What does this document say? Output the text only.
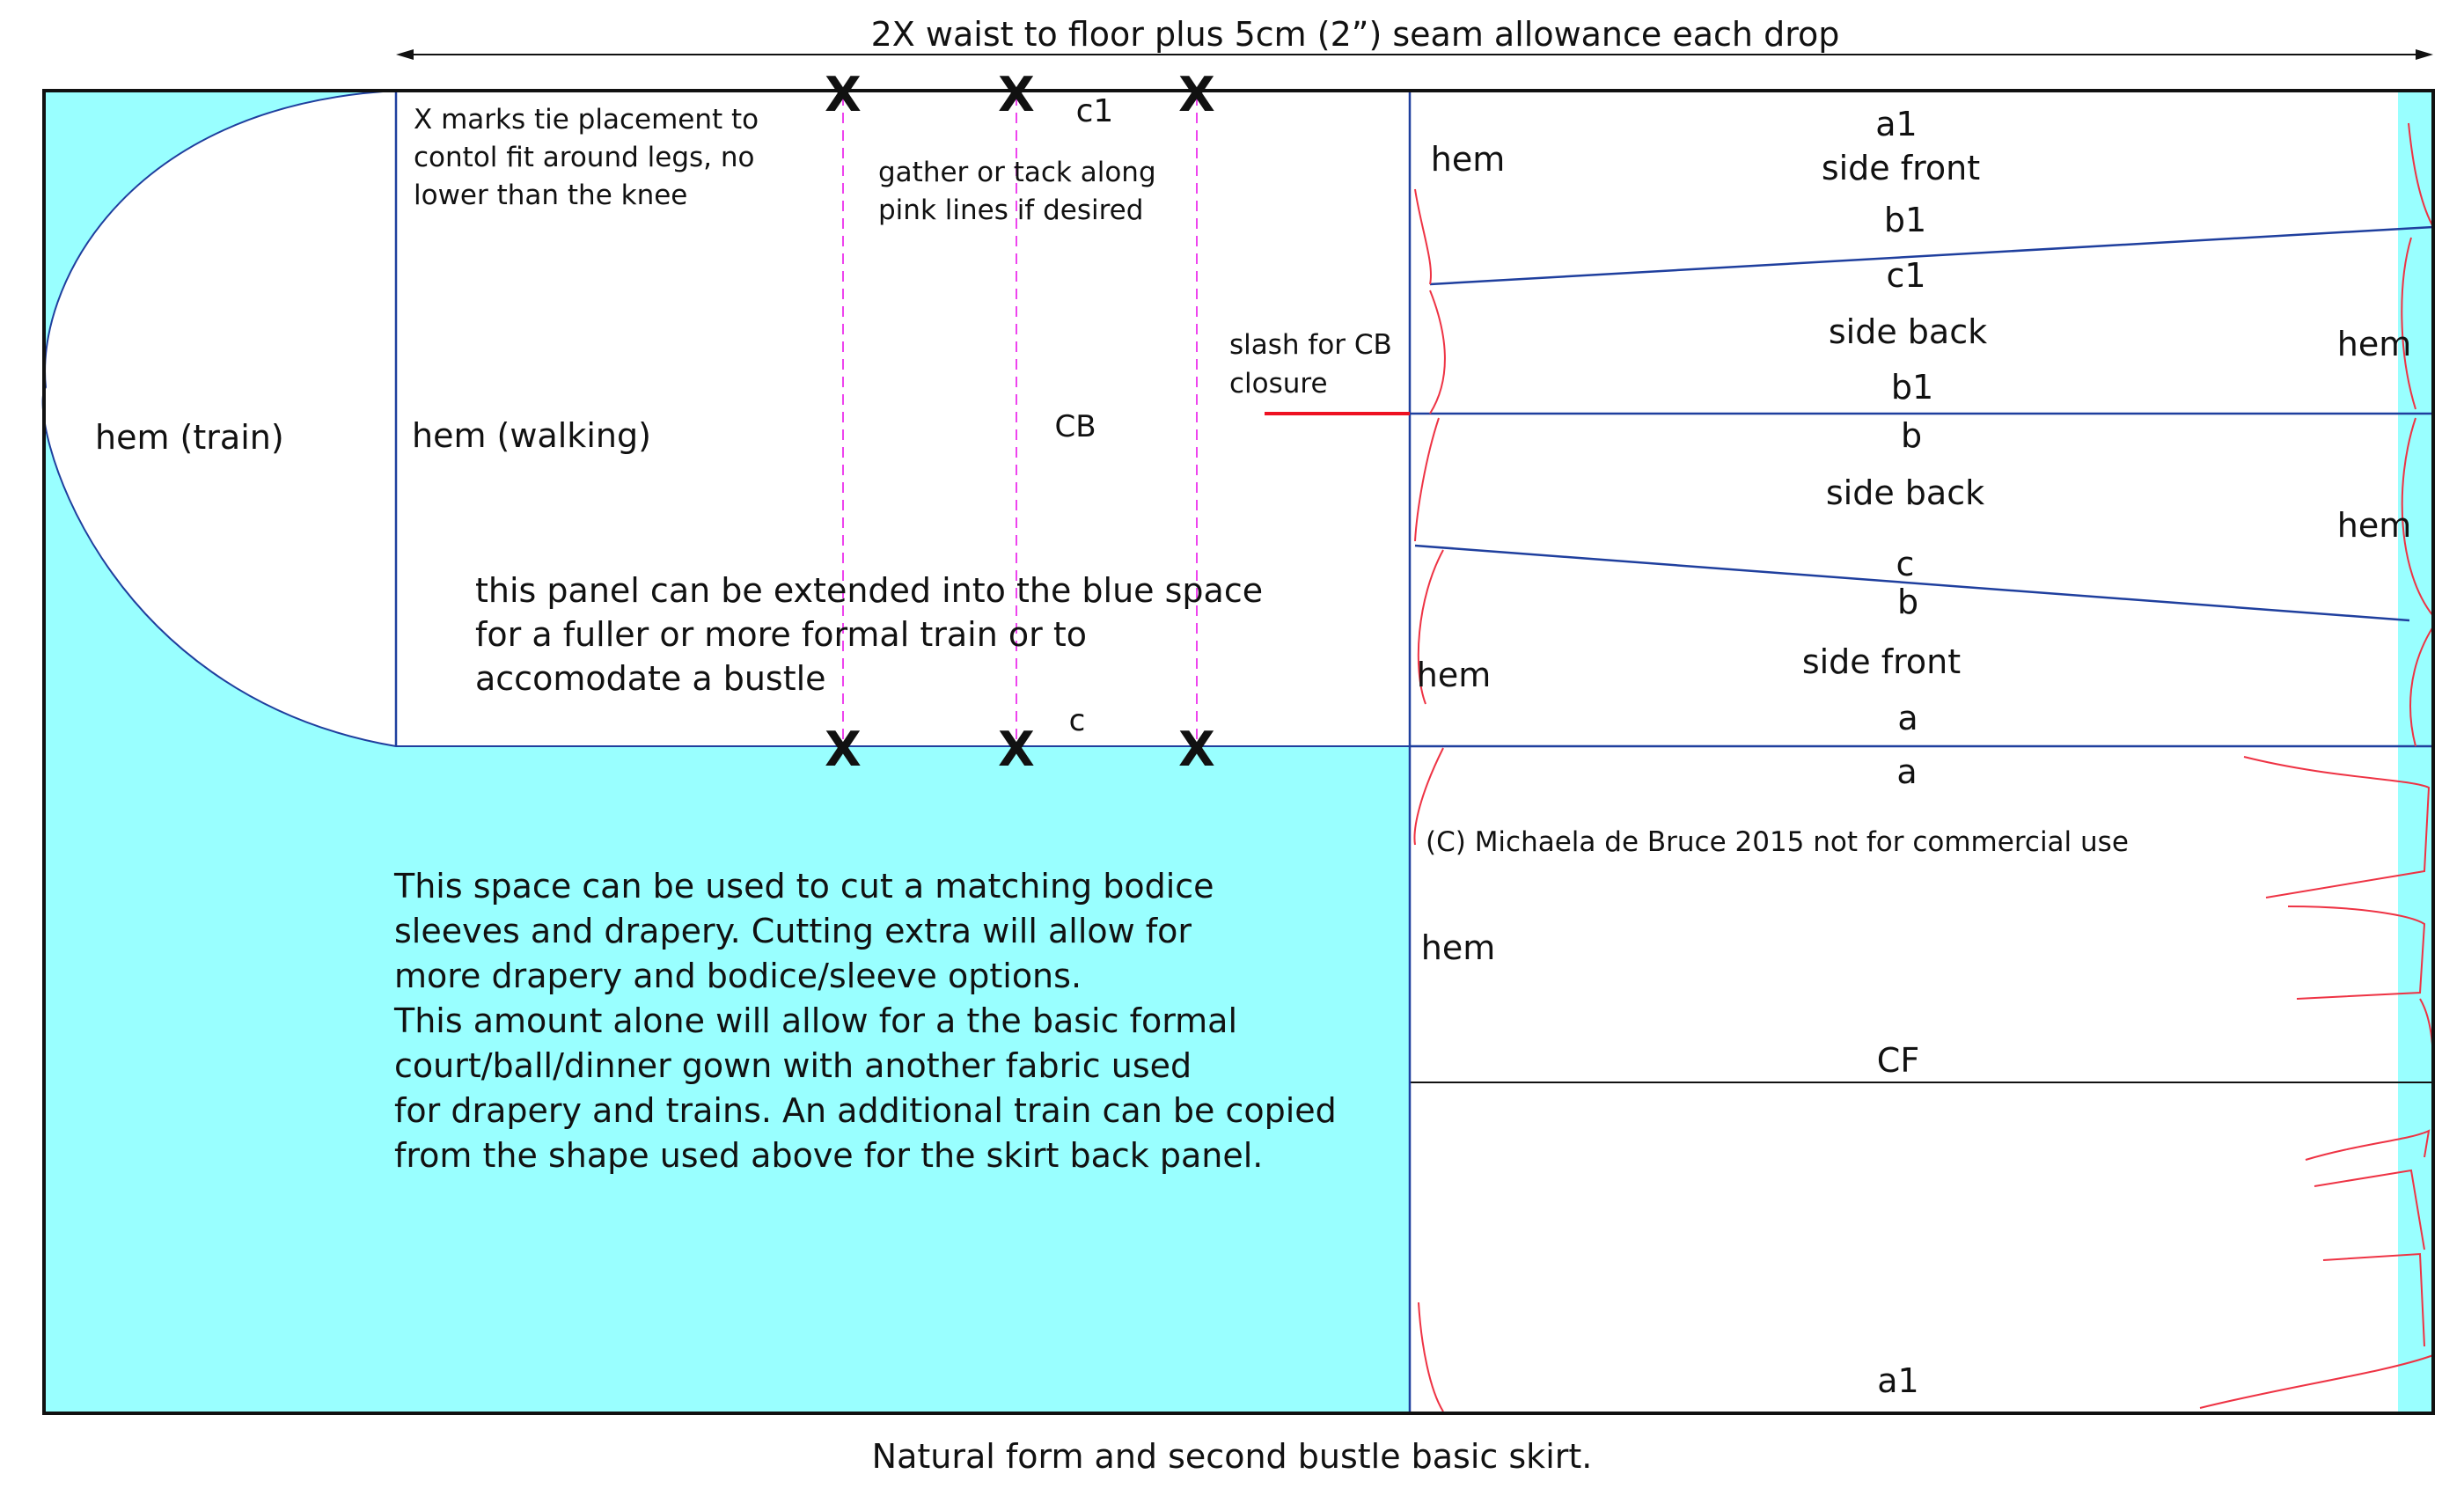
2X waist to floor plus 5cm (2”) seam allowance each drop
X	X	X
X	X	X
hem (train)	hem (walking)
X marks tie placement to
contol fit around legs, no
lower than the knee
gather or tack along
pink lines if desired
c1
CB
c
slash for CB
closure
this panel can be extended into the blue space
for a fuller or more formal train or to
accomodate a bustle
This space can be used to cut a matching bodice
sleeves and drapery. Cutting extra will allow for
more drapery and bodice/sleeve options.
This amount alone will allow for a the basic formal
court/ball/dinner gown with another fabric used
for drapery and trains. An additional train can be copied
from the shape used above for the skirt back panel.
a1
side front
b1
hem
c1
side back
b1
hem
b
side back
c
hem
b
side front
a
hem
a
hem
CF
a1
(C) Michaela de Bruce 2015 not for commercial use
Natural form and second bustle basic skirt.
